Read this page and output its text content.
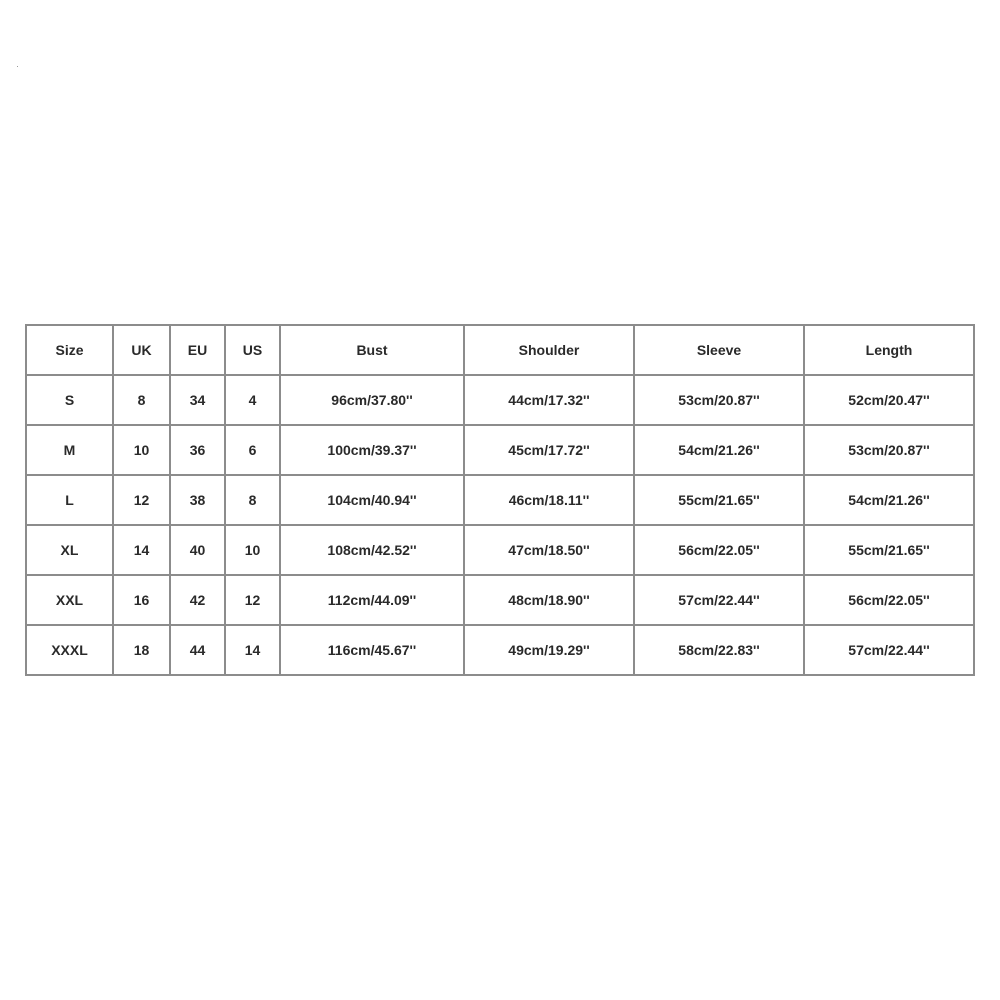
Size	UK	EU	US	Bust	Shoulder	Sleeve	Length
S	8	34	4	96cm/37.80''	44cm/17.32''	53cm/20.87''	52cm/20.47''
M	10	36	6	100cm/39.37''	45cm/17.72''	54cm/21.26''	53cm/20.87''
L	12	38	8	104cm/40.94''	46cm/18.11''	55cm/21.65''	54cm/21.26''
XL	14	40	10	108cm/42.52''	47cm/18.50''	56cm/22.05''	55cm/21.65''
XXL	16	42	12	112cm/44.09''	48cm/18.90''	57cm/22.44''	56cm/22.05''
XXXL	18	44	14	116cm/45.67''	49cm/19.29''	58cm/22.83''	57cm/22.44''
